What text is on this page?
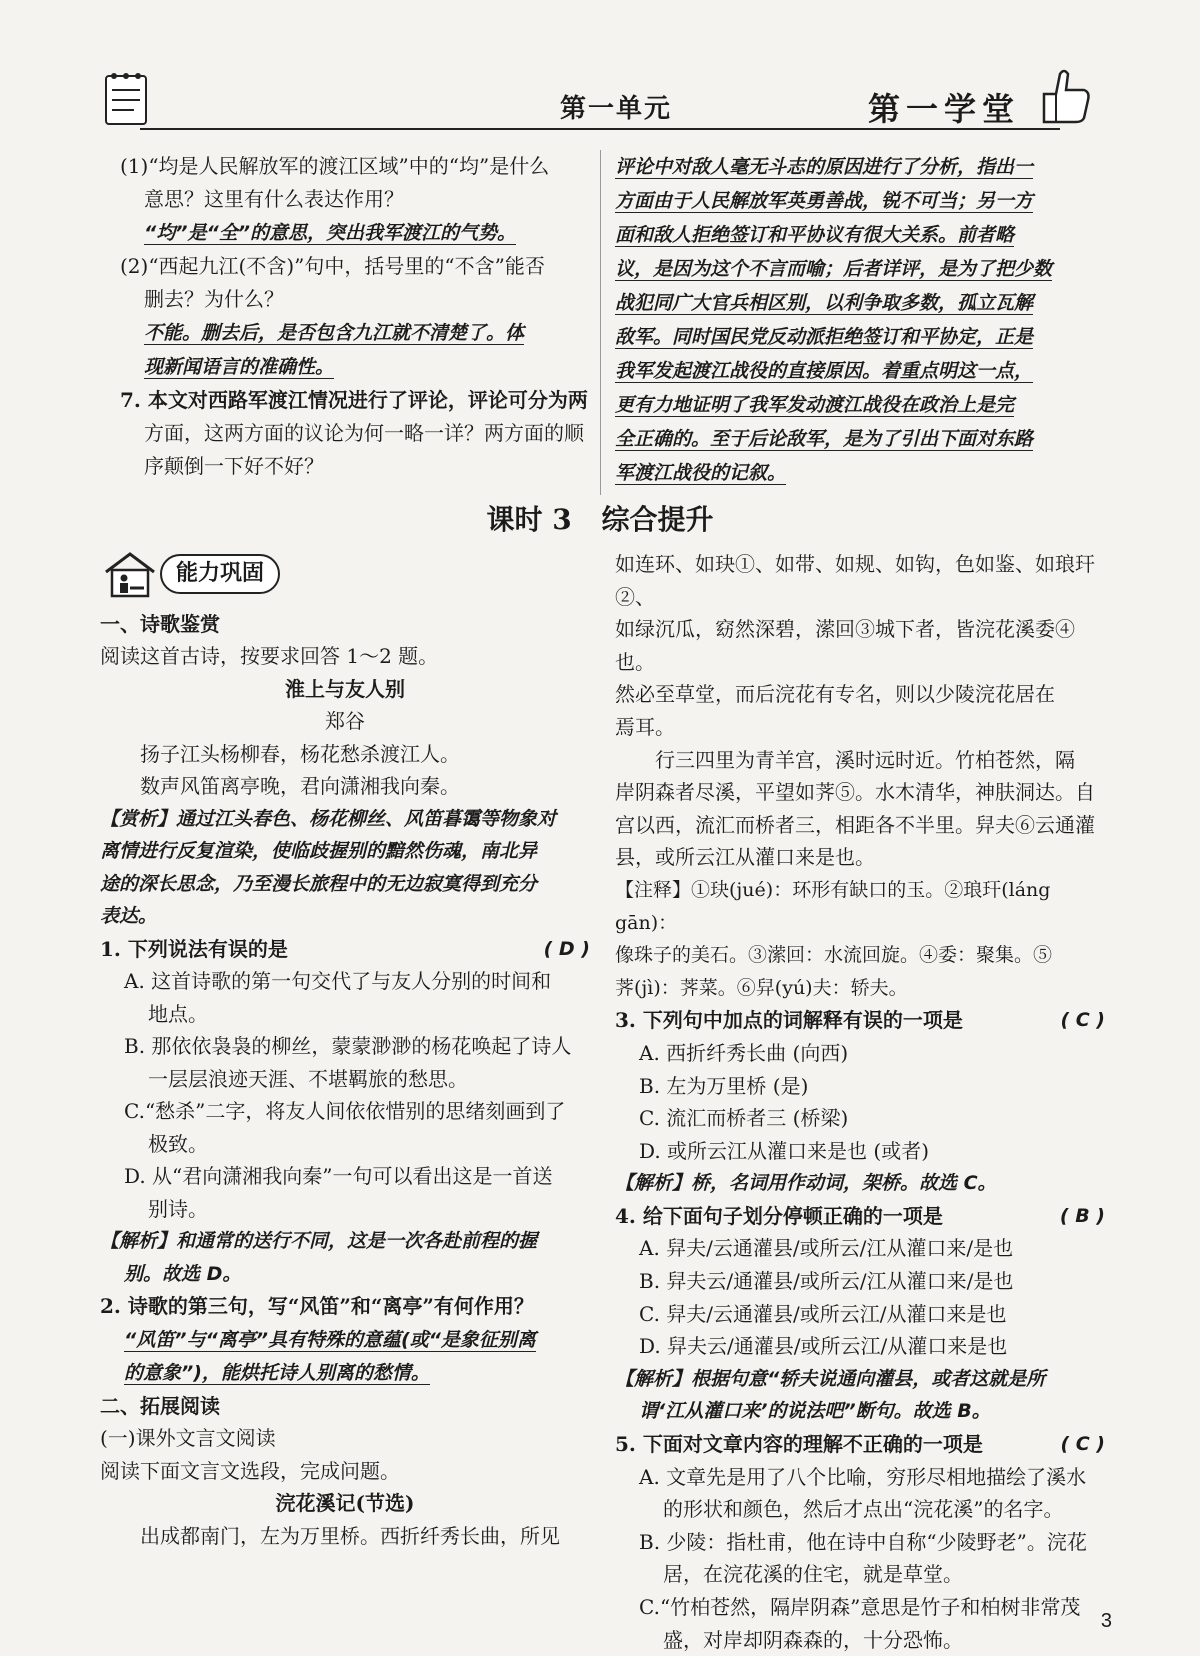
第一单元	第一学堂

(1)“均是人民解放军的渡江区域”中的“均”是什么

意思？这里有什么表达作用？

“均”是“全”的意思，突出我军渡江的气势。

(2)“西起九江(不含)”句中，括号里的“不含”能否

删去？为什么？

不能。删去后，是否包含九江就不清楚了。体

现新闻语言的准确性。

7. 本文对西路军渡江情况进行了评论，评论可分为两

方面，这两方面的议论为何一略一详？两方面的顺

序颠倒一下好不好？

评论中对敌人毫无斗志的原因进行了分析，指出一

方面由于人民解放军英勇善战，锐不可当；另一方

面和敌人拒绝签订和平协议有很大关系。前者略

议，是因为这个不言而喻；后者详评，是为了把少数

战犯同广大官兵相区别，以利争取多数，孤立瓦解

敌军。同时国民党反动派拒绝签订和平协定，正是

我军发起渡江战役的直接原因。着重点明这一点，

更有力地证明了我军发动渡江战役在政治上是完

全正确的。至于后论敌军，是为了引出下面对东路

军渡江战役的记叙。

课时 3 综合提升
能力巩固

一、诗歌鉴赏

阅读这首古诗，按要求回答 1～2 题。

淮上与友人别

郑谷

扬子江头杨柳春，杨花愁杀渡江人。

数声风笛离亭晚，君向潇湘我向秦。

【赏析】通过江头春色、杨花柳丝、风笛暮霭等物象对

离情进行反复渲染，使临歧握别的黯然伤魂，南北异

途的深长思念，乃至漫长旅程中的无边寂寞得到充分

表达。

1. 下列说法有误的是	( D )

A. 这首诗歌的第一句交代了与友人分别的时间和

地点。

B. 那依依袅袅的柳丝，蒙蒙渺渺的杨花唤起了诗人

一层层浪迹天涯、不堪羁旅的愁思。

C.“愁杀”二字，将友人间依依惜别的思绪刻画到了

极致。

D. 从“君向潇湘我向秦”一句可以看出这是一首送

别诗。

【解析】和通常的送行不同，这是一次各赴前程的握

别。故选 D。

2. 诗歌的第三句，写“风笛”和“离亭”有何作用？

“风笛”与“离亭”具有特殊的意蕴(或“是象征别离

的意象”)，能烘托诗人别离的愁情。

二、拓展阅读

(一)课外文言文阅读

阅读下面文言文选段，完成问题。

浣花溪记(节选)

出成都南门，左为万里桥。西折纤秀长曲，所见

如连环、如玦①、如带、如规、如钩，色如鉴、如琅玕②、

如绿沉瓜，窈然深碧，潆回③城下者，皆浣花溪委④也。

然必至草堂，而后浣花有专名，则以少陵浣花居在

焉耳。

行三四里为青羊宫，溪时远时近。竹柏苍然，隔

岸阴森者尽溪，平望如荠⑤。水木清华，神肤洞达。自

宫以西，流汇而桥者三，相距各不半里。舁夫⑥云通灌

县，或所云江从灌口来是也。

【注释】①玦(jué)：环形有缺口的玉。②琅玕(láng gān)：

像珠子的美石。③潆回：水流回旋。④委：聚集。⑤

荠(jì)：荠菜。⑥舁(yú)夫：轿夫。

3. 下列句中加点的词解释有误的一项是	( C )

A. 西折纤秀长曲 (向西)

B. 左为万里桥 (是)

C. 流汇而桥者三 (桥梁)

D. 或所云江从灌口来是也 (或者)

【解析】桥，名词用作动词，架桥。故选 C。

4. 给下面句子划分停顿正确的一项是	( B )

A. 舁夫/云通灌县/或所云/江从灌口来/是也

B. 舁夫云/通灌县/或所云/江从灌口来/是也

C. 舁夫/云通灌县/或所云江/从灌口来是也

D. 舁夫云/通灌县/或所云江/从灌口来是也

【解析】根据句意“轿夫说通向灌县，或者这就是所

谓‘江从灌口来’的说法吧”断句。故选 B。

5. 下面对文章内容的理解不正确的一项是	( C )

A. 文章先是用了八个比喻，穷形尽相地描绘了溪水

的形状和颜色，然后才点出“浣花溪”的名字。

B. 少陵：指杜甫，他在诗中自称“少陵野老”。浣花

居，在浣花溪的住宅，就是草堂。

C.“竹柏苍然，隔岸阴森”意思是竹子和柏树非常茂

盛，对岸却阴森森的，十分恐怖。

3
